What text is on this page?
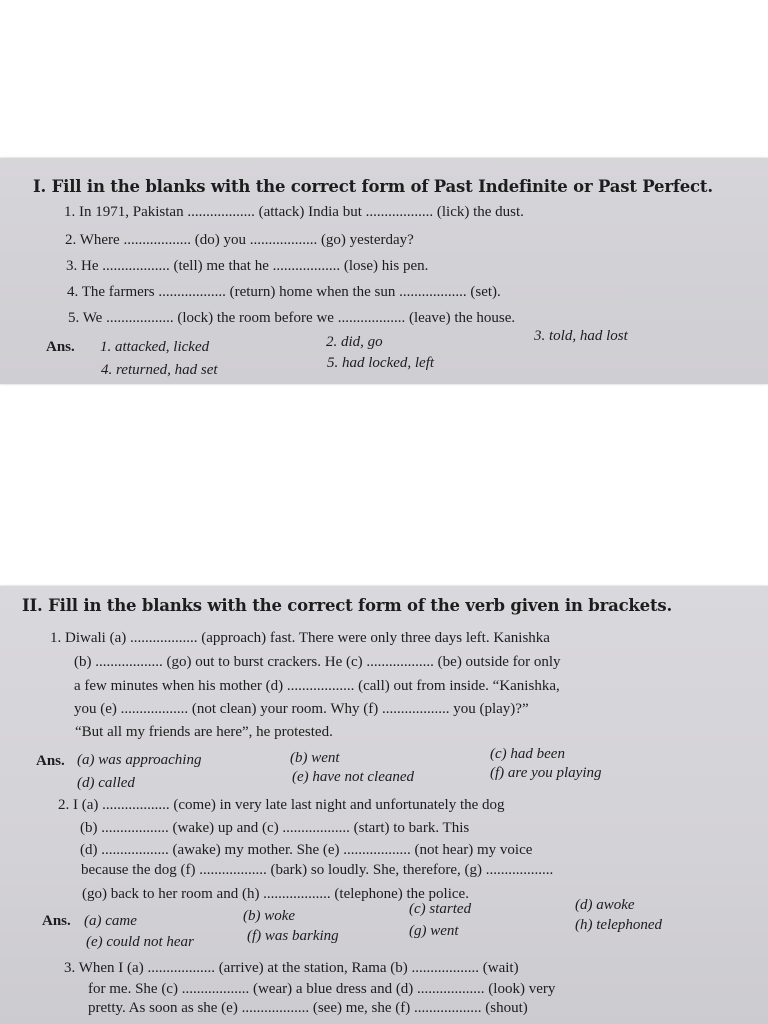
I. Fill in the blanks with the correct form of Past Indefinite or Past Perfect.
1. In 1971, Pakistan .................. (attack) India but .................. (lick) the dust.
2. Where .................. (do) you .................. (go) yesterday?
3. He .................. (tell) me that he .................. (lose) his pen.
4. The farmers .................. (return) home when the sun .................. (set).
5. We .................. (lock) the room before we .................. (leave) the house.
Ans. 1. attacked, licked	2. did, go	3. told, had lost
4. returned, had set	5. had locked, left
II. Fill in the blanks with the correct form of the verb given in brackets.
1. Diwali (a) .................. (approach) fast. There were only three days left. Kanishka
(b) .................. (go) out to burst crackers. He (c) .................. (be) outside for only
a few minutes when his mother (d) .................. (call) out from inside. “Kanishka,
you (e) .................. (not clean) your room. Why (f) .................. you (play)?”
“But all my friends are here”, he protested.
Ans. (a) was approaching	(b) went	(c) had been
(d) called	(e) have not cleaned	(f) are you playing
2. I (a) .................. (come) in very late last night and unfortunately the dog
(b) .................. (wake) up and (c) .................. (start) to bark. This
(d) .................. (awake) my mother. She (e) .................. (not hear) my voice
because the dog (f) .................. (bark) so loudly. She, therefore, (g) ..................
(go) back to her room and (h) .................. (telephone) the police.
Ans. (a) came	(b) woke	(c) started	(d) awoke
(e) could not hear	(f) was barking	(g) went	(h) telephoned
3. When I (a) .................. (arrive) at the station, Rama (b) .................. (wait)
for me. She (c) .................. (wear) a blue dress and (d) .................. (look) very
pretty. As soon as she (e) .................. (see) me, she (f) .................. (shout)
